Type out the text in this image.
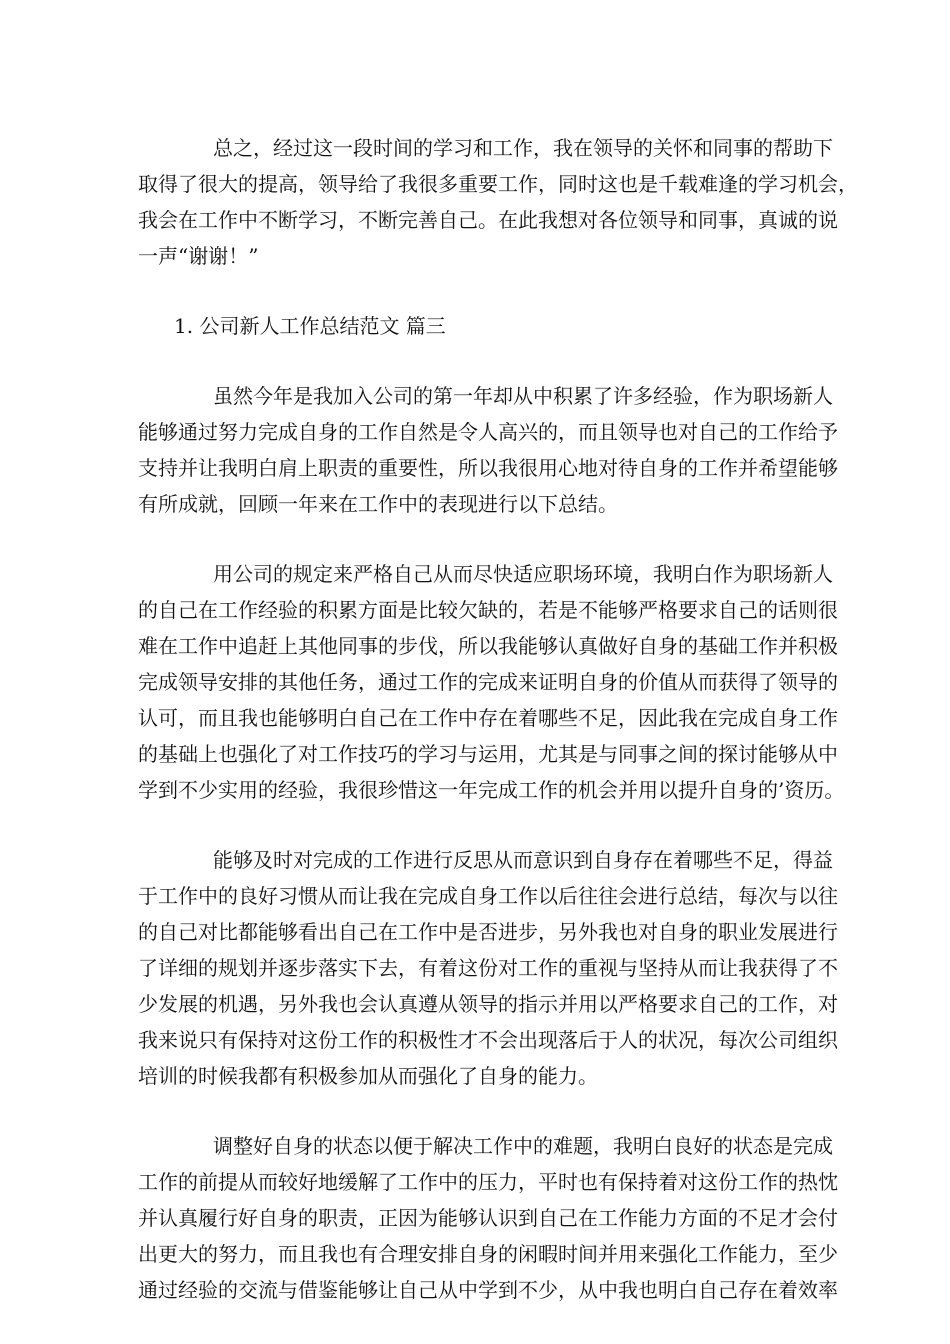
总之，经过这一段时间的学习和工作，我在领导的关怀和同事的帮助下
取得了很大的提高，领导给了我很多重要工作，同时这也是千载难逢的学习机会，
我会在工作中不断学习，不断完善自己。在此我想对各位领导和同事，真诚的说
一声“谢谢！”
1. 公司新人工作总结范文 篇三
虽然今年是我加入公司的第一年却从中积累了许多经验，作为职场新人
能够通过努力完成自身的工作自然是令人高兴的，而且领导也对自己的工作给予
支持并让我明白肩上职责的重要性，所以我很用心地对待自身的工作并希望能够
有所成就，回顾一年来在工作中的表现进行以下总结。
用公司的规定来严格自己从而尽快适应职场环境，我明白作为职场新人
的自己在工作经验的积累方面是比较欠缺的，若是不能够严格要求自己的话则很
难在工作中追赶上其他同事的步伐，所以我能够认真做好自身的基础工作并积极
完成领导安排的其他任务，通过工作的完成来证明自身的价值从而获得了领导的
认可，而且我也能够明白自己在工作中存在着哪些不足，因此我在完成自身工作
的基础上也强化了对工作技巧的学习与运用，尤其是与同事之间的探讨能够从中
学到不少实用的经验，我很珍惜这一年完成工作的机会并用以提升自身的’资历。
能够及时对完成的工作进行反思从而意识到自身存在着哪些不足，得益
于工作中的良好习惯从而让我在完成自身工作以后往往会进行总结，每次与以往
的自己对比都能够看出自己在工作中是否进步，另外我也对自身的职业发展进行
了详细的规划并逐步落实下去，有着这份对工作的重视与坚持从而让我获得了不
少发展的机遇，另外我也会认真遵从领导的指示并用以严格要求自己的工作，对
我来说只有保持对这份工作的积极性才不会出现落后于人的状况，每次公司组织
培训的时候我都有积极参加从而强化了自身的能力。
调整好自身的状态以便于解决工作中的难题，我明白良好的状态是完成
工作的前提从而较好地缓解了工作中的压力，平时也有保持着对这份工作的热忱
并认真履行好自身的职责，正因为能够认识到自己在工作能力方面的不足才会付
出更大的努力，而且我也有合理安排自身的闲暇时间并用来强化工作能力，至少
通过经验的交流与借鉴能够让自己从中学到不少，从中我也明白自己存在着效率
